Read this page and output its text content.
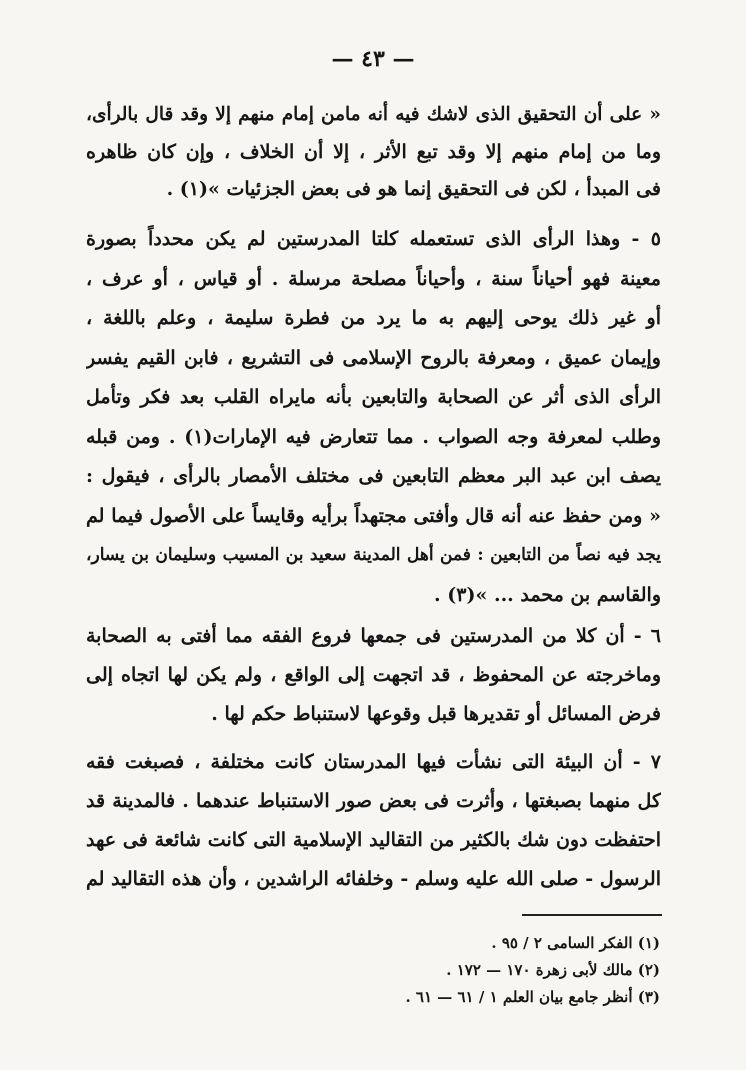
— ٤٣ —
« على أن التحقيق الذى لاشك فيه أنه مامن إمام منهم إلا وقد قال بالرأى،
وما من إمام منهم إلا وقد تبع الأثر ، إلا أن الخلاف ، وإن كان ظاهره
فى المبدأ ، لكن فى التحقيق إنما هو فى بعض الجزئيات »(١) .
٥ - وهذا الرأى الذى تستعمله كلتا المدرستين لم يكن محدداً بصورة
معينة فهو أحياناً سنة ، وأحياناً مصلحة مرسلة . أو قياس ، أو عرف ،
أو غير ذلك يوحى إليهم به ما يرد من فطرة سليمة ، وعلم باللغة ،
وإيمان عميق ، ومعرفة بالروح الإسلامى فى التشريع ، فابن القيم يفسر
الرأى الذى أثر عن الصحابة والتابعين بأنه مايراه القلب بعد فكر وتأمل
وطلب لمعرفة وجه الصواب . مما تتعارض فيه الإمارات(١) . ومن قبله
يصف ابن عبد البر معظم التابعين فى مختلف الأمصار بالرأى ، فيقول :
« ومن حفظ عنه أنه قال وأفتى مجتهداً برأيه وقايساً على الأصول فيما لم
يجد فيه نصاً من التابعين : فمن أهل المدينة سعيد بن المسيب وسليمان بن يسار،
والقاسم بن محمد ... »(٣) .
٦ - أن كلا من المدرستين فى جمعها فروع الفقه مما أفتى به الصحابة
وماخرجته عن المحفوظ ، قد اتجهت إلى الواقع ، ولم يكن لها اتجاه إلى
فرض المسائل أو تقديرها قبل وقوعها لاستنباط حكم لها .
٧ - أن البيئة التى نشأت فيها المدرستان كانت مختلفة ، فصبغت فقه
كل منهما بصبغتها ، وأثرت فى بعض صور الاستنباط عندهما . فالمدينة قد
احتفظت دون شك بالكثير من التقاليد الإسلامية التى كانت شائعة فى عهد
الرسول - صلى الله عليه وسلم - وخلفائه الراشدين ، وأن هذه التقاليد لم
(١) الفكر السامى ٢ / ٩٥ .
(٢) مالك لأبى زهرة ١٧٠ — ١٧٢ .
(٣) أنظر جامع بيان العلم ١ / ٦١ — ٦١ .
